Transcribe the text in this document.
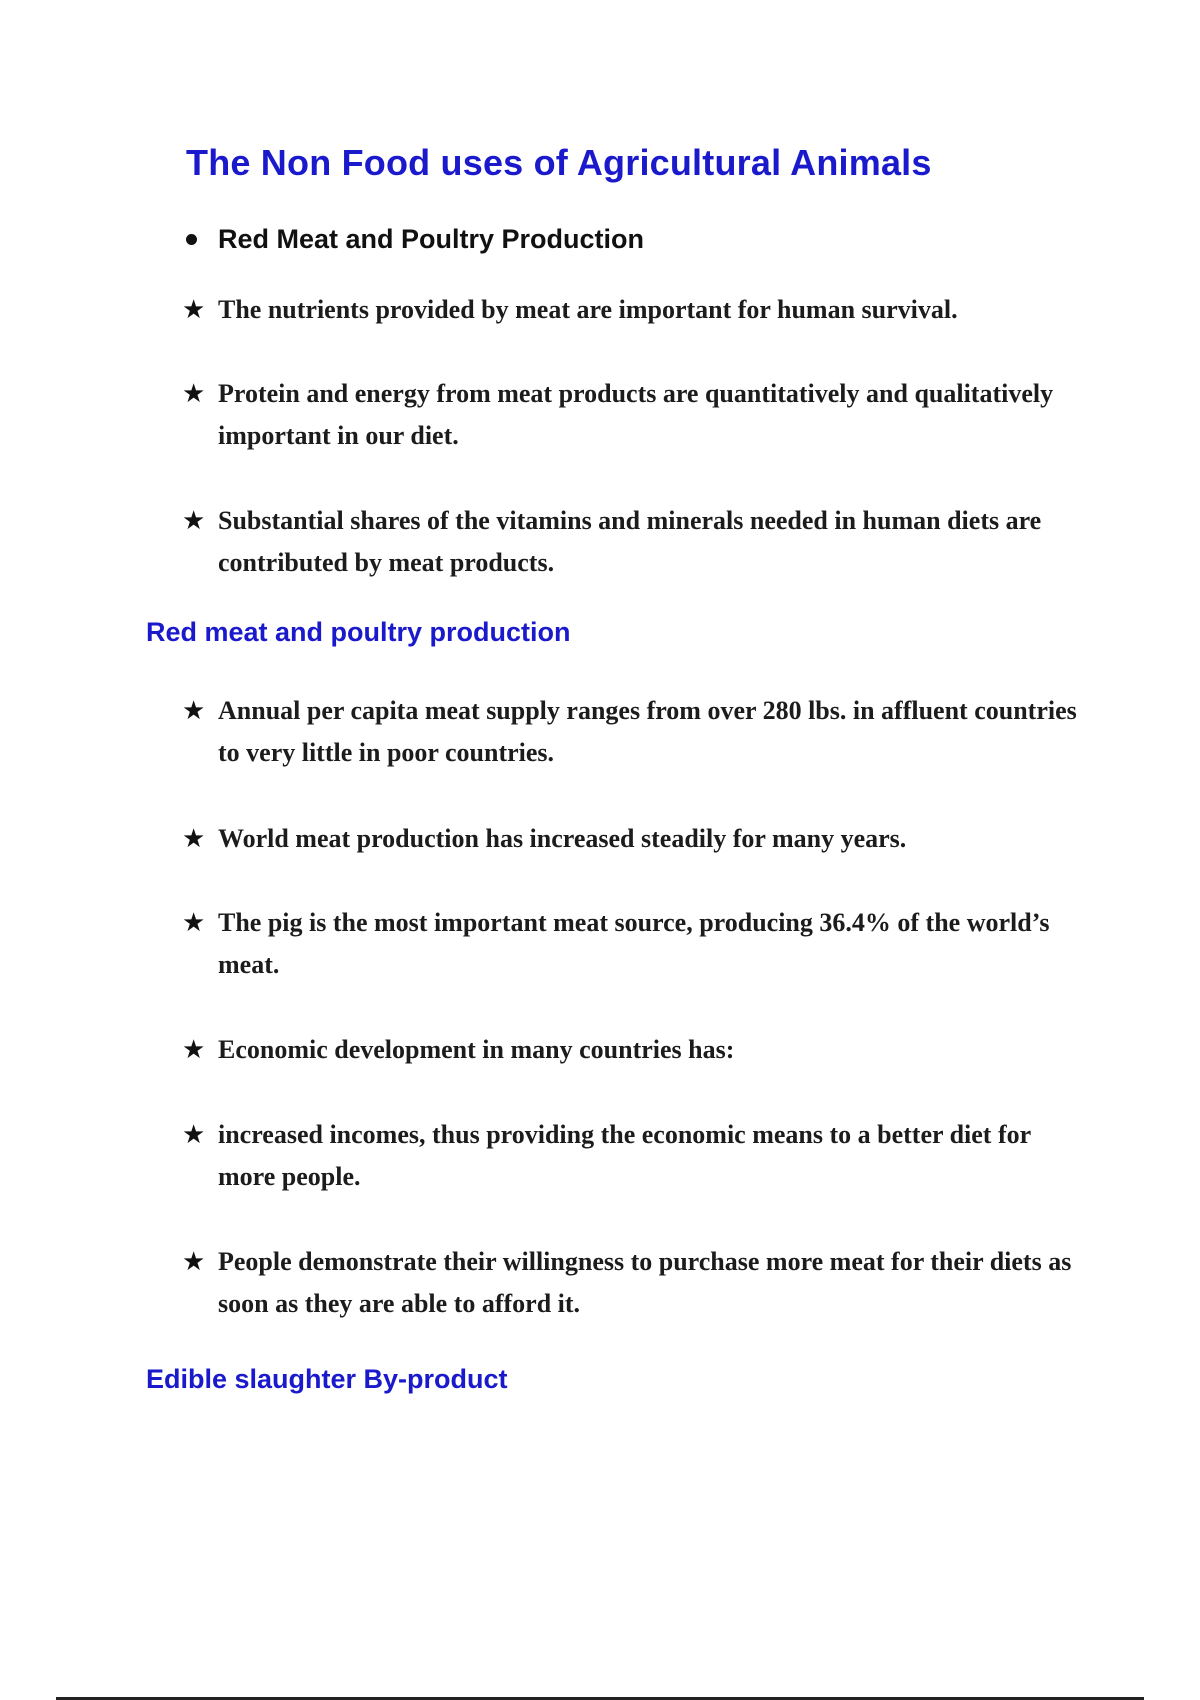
The Non Food uses of Agricultural Animals
Red Meat and Poultry Production
★ The nutrients provided by meat are important for human survival.
★ Protein and energy from meat products are quantitatively and qualitatively important in our diet.
★ Substantial shares of the vitamins and minerals needed in human diets are contributed by meat products.
Red meat and poultry production
★ Annual per capita meat supply ranges from over 280 lbs. in affluent countries to very little in poor countries.
★ World meat production has increased steadily for many years.
★ The pig is the most important meat source, producing 36.4% of the world’s meat.
★ Economic development in many countries has:
★ increased incomes, thus providing the economic means to a better diet for more people.
★ People demonstrate their willingness to purchase more meat for their diets as soon as they are able to afford it.
Edible slaughter By-product
